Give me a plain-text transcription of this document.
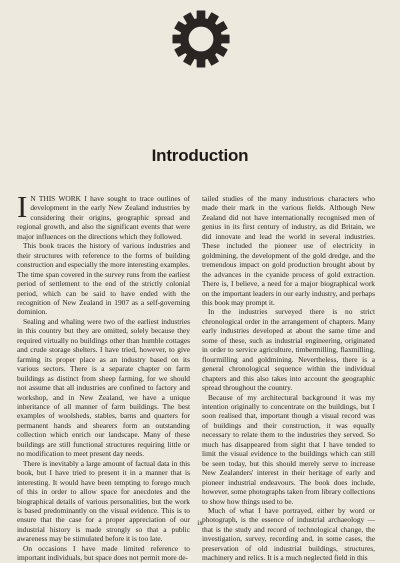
Introduction

I N THIS WORK I have sought to trace outlines of development in the early New Zealand industries by considering their origins, geographic spread and regional growth, and also the significant events that were major influences on the directions which they followed.

This book traces the history of various industries and their structures with reference to the forms of building construction and especially the more interesting examples. The time span covered in the survey runs from the earliest period of settlement to the end of the strictly colonial period, which can be said to have ended with the recognition of New Zealand in 1907 as a self-governing dominion.

Sealing and whaling were two of the earliest industries in this country but they are omitted, solely because they required virtually no buildings other than humble cottages and crude storage shelters. I have tried, however, to give farming its proper place as an industry based on its various sectors. There is a separate chapter on farm buildings as distinct from sheep farming, for we should not assume that all industries are confined to factory and workshop, and in New Zealand, we have a unique inheritance of all manner of farm buildings. The best examples of woolsheds, stables, barns and quarters for permanent hands and shearers form an outstanding collection which enrich our landscape. Many of these buildings are still functional structures requiring little or no modification to meet present day needs.

There is inevitably a large amount of factual data in this book, but I have tried to present it in a manner that is interesting. It would have been tempting to forego much of this in order to allow space for anecdotes and the biographical details of various personalities, but the work is based predominantly on the visual evidence. This is to ensure that the case for a proper appreciation of our industrial history is made strongly so that a public awareness may be stimulated before it is too late.

On occasions I have made limited reference to important individuals, but space does not permit more de-

tailed studies of the many industrious characters who made their mark in the various fields. Although New Zealand did not have internationally recognised men of genius in its first century of industry, as did Britain, we did innovate and lead the world in several industries. These included the pioneer use of electricity in goldmining, the development of the gold dredge, and the tremendous impact on gold production brought about by the advances in the cyanide process of gold extraction. There is, I believe, a need for a major biographical work on the important leaders in our early industry, and perhaps this book may prompt it.

In the industries surveyed there is no strict chronological order in the arrangement of chapters. Many early industries developed at about the same time and some of these, such as industrial engineering, originated in order to service agriculture, timbermilling, flaxmilling, flourmilling and goldmining. Nevertheless, there is a general chronological sequence within the individual chapters and this also takes into account the geographic spread throughout the country.

Because of my architectural background it was my intention originally to concentrate on the buildings, but I soon realised that, important though a visual record was of buildings and their construction, it was equally necessary to relate them to the industries they served. So much has disappeared from sight that I have tended to limit the visual evidence to the buildings which can still be seen today, but this should merely serve to increase New Zealanders' interest in their heritage of early and pioneer industrial endeavours. The book does include, however, some photographs taken from library collections to show how things used to be.

Much of what I have portrayed, either by word or photograph, is the essence of industrial archaeology — that is the study and record of technological change, the investigation, survey, recording and, in some cases, the preservation of old industrial buildings, structures, machinery and relics. It is a much neglected field in this

ix
